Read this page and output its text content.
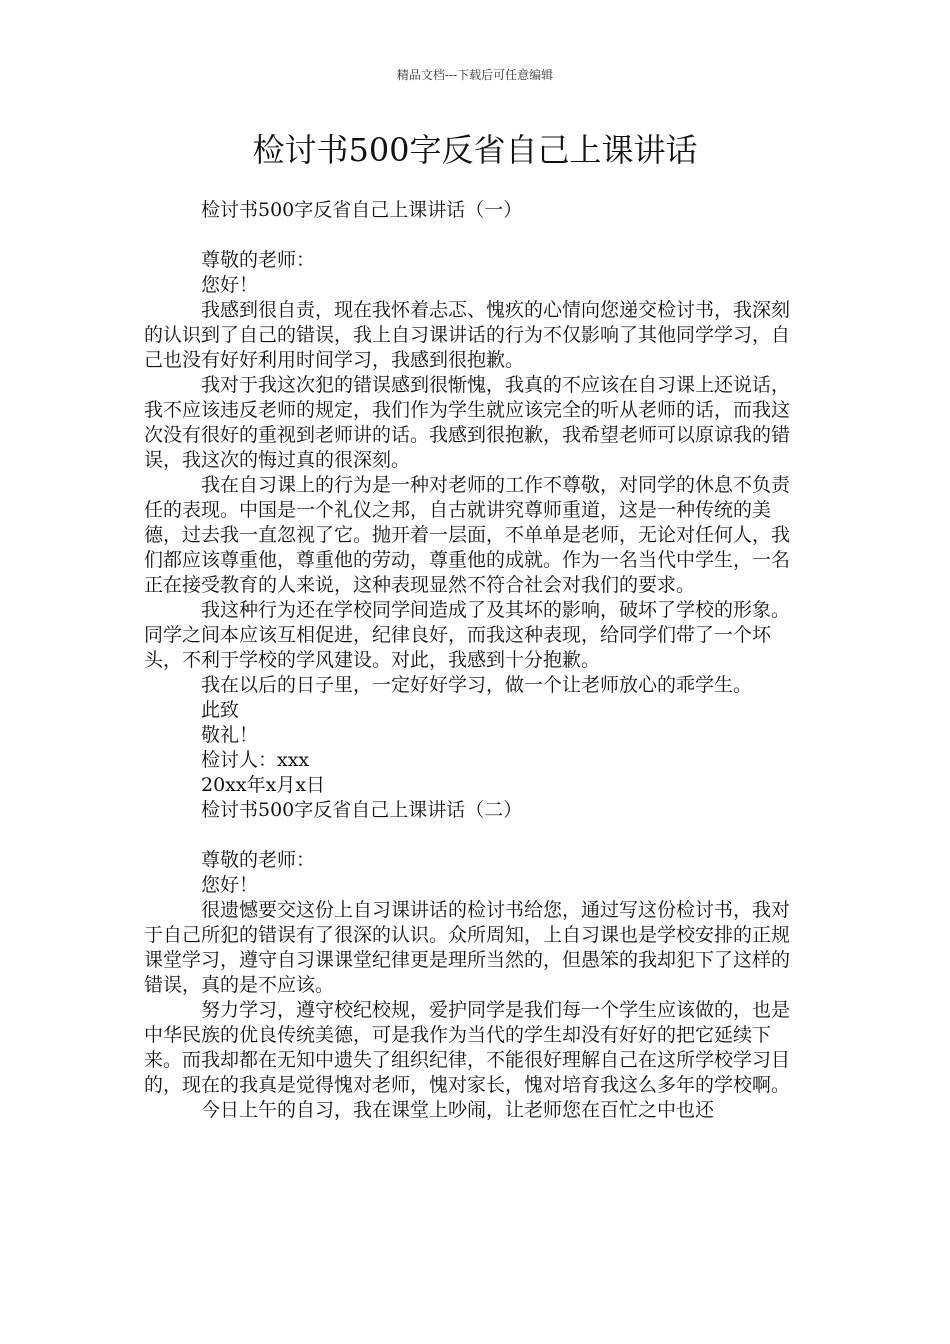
精品文档---下载后可任意编辑
检讨书500字反省自己上课讲话

检讨书500字反省自己上课讲话（一）

尊敬的老师：

您好！

我感到很自责，现在我怀着忐忑、愧疚的心情向您递交检讨书，我深刻的认识到了自己的错误，我上自习课讲话的行为不仅影响了其他同学学习，自己也没有好好利用时间学习，我感到很抱歉。

我对于我这次犯的错误感到很惭愧，我真的不应该在自习课上还说话，我不应该违反老师的规定，我们作为学生就应该完全的听从老师的话，而我这次没有很好的重视到老师讲的话。我感到很抱歉，我希望老师可以原谅我的错误，我这次的悔过真的很深刻。

我在自习课上的行为是一种对老师的工作不尊敬，对同学的休息不负责任的表现。中国是一个礼仪之邦，自古就讲究尊师重道，这是一种传统的美德，过去我一直忽视了它。抛开着一层面，不单单是老师，无论对任何人，我们都应该尊重他，尊重他的劳动，尊重他的成就。作为一名当代中学生，一名正在接受教育的人来说，这种表现显然不符合社会对我们的要求。

我这种行为还在学校同学间造成了及其坏的影响，破坏了学校的形象。同学之间本应该互相促进，纪律良好，而我这种表现，给同学们带了一个坏头，不利于学校的学风建设。对此，我感到十分抱歉。

我在以后的日子里，一定好好学习，做一个让老师放心的乖学生。

此致

敬礼！

检讨人：xxx

20xx年x月x日

检讨书500字反省自己上课讲话（二）

尊敬的老师：

您好！

很遗憾要交这份上自习课讲话的检讨书给您，通过写这份检讨书，我对于自己所犯的错误有了很深的认识。众所周知，上自习课也是学校安排的正规课堂学习，遵守自习课课堂纪律更是理所当然的，但愚笨的我却犯下了这样的错误，真的是不应该。

努力学习，遵守校纪校规，爱护同学是我们每一个学生应该做的，也是中华民族的优良传统美德，可是我作为当代的学生却没有好好的把它延续下来。而我却都在无知中遗失了组织纪律，不能很好理解自己在这所学校学习目的，现在的我真是觉得愧对老师，愧对家长，愧对培育我这么多年的学校啊。

今日上午的自习，我在课堂上吵闹，让老师您在百忙之中也还
